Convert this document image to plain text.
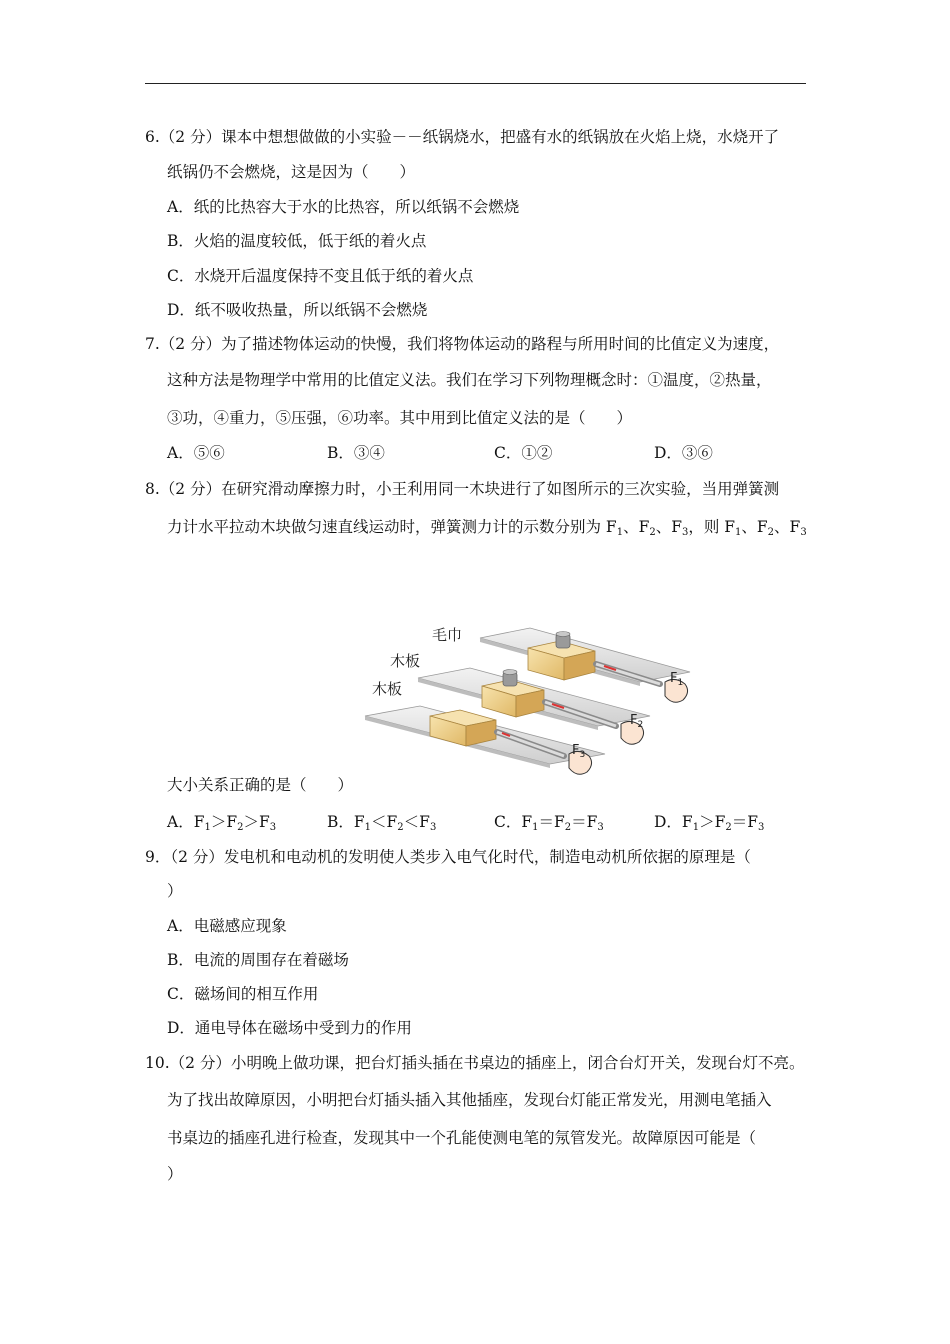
6.（2 分）课本中想想做做的小实验－－纸锅烧水，把盛有水的纸锅放在火焰上烧，水烧开了
纸锅仍不会燃烧，这是因为（　　）
A．纸的比热容大于水的比热容，所以纸锅不会燃烧
B．火焰的温度较低，低于纸的着火点
C．水烧开后温度保持不变且低于纸的着火点
D．纸不吸收热量，所以纸锅不会燃烧
7.（2 分）为了描述物体运动的快慢，我们将物体运动的路程与所用时间的比值定义为速度，
这种方法是物理学中常用的比值定义法。我们在学习下列物理概念时：①温度，②热量，
③功，④重力，⑤压强，⑥功率。其中用到比值定义法的是（　　）
A．⑤⑥	B．③④	C．①②	D．③⑥
8.（2 分）在研究滑动摩擦力时，小王利用同一木块进行了如图所示的三次实验，当用弹簧测
力计水平拉动木块做匀速直线运动时，弹簧测力计的示数分别为 $F_1$、$F_2$、$F_3$，则 $F_1$、$F_2$、$F_3$
毛巾
木板
木板
$F_1$
$F_2$
$F_3$
大小关系正确的是（　　）
A．$F_1>F_2>F_3$	B．$F_1<F_2<F_3$	C．$F_1=F_2=F_3$	D．$F_1>F_2=F_3$
9．（2 分）发电机和电动机的发明使人类步入电气化时代，制造电动机所依据的原理是（
）
A．电磁感应现象
B．电流的周围存在着磁场
C．磁场间的相互作用
D．通电导体在磁场中受到力的作用
10.（2 分）小明晚上做功课，把台灯插头插在书桌边的插座上，闭合台灯开关，发现台灯不亮。
为了找出故障原因，小明把台灯插头插入其他插座，发现台灯能正常发光，用测电笔插入
书桌边的插座孔进行检查，发现其中一个孔能使测电笔的氖管发光。故障原因可能是（
）
